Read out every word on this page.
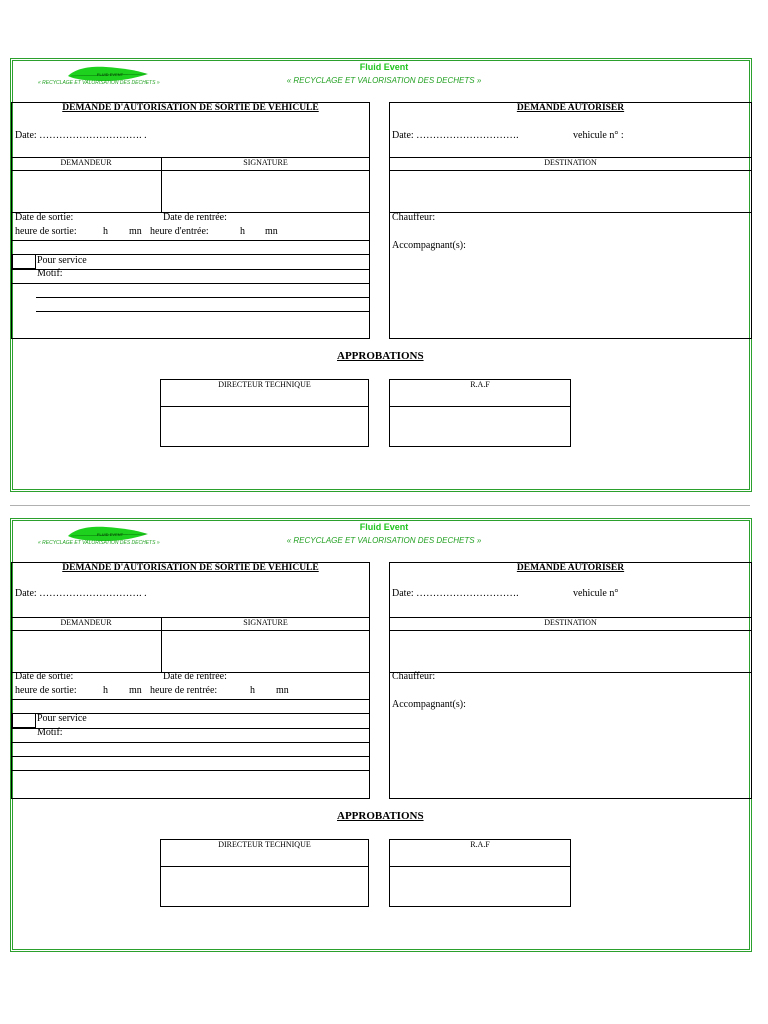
Fluid Event
« RECYCLAGE ET VALORISATION DES DECHETS »
FLUID EVENT
« RECYCLAGE ET VALORISATION DES DECHETS »
DEMANDE D'AUTORISATION DE SORTIE DE VEHICULE
Date: …………………………. .
DEMANDEUR	SIGNATURE
Date de sortie:	Date de rentrée:
heure de sortie:	h mn heure d'entrée:	h mn
Pour service
Motif:
DEMANDE AUTORISER
Date: ………………………….	vehicule n° :
DESTINATION
Chauffeur:
Accompagnant(s):
APPROBATIONS
DIRECTEUR TECHNIQUE	R.A.F
Fluid Event
« RECYCLAGE ET VALORISATION DES DECHETS »
FLUID EVENT
« RECYCLAGE ET VALORISATION DES DECHETS »
DEMANDE D'AUTORISATION DE SORTIE DE VEHICULE
Date: …………………………. .
DEMANDEUR	SIGNATURE
Date de sortie:	Date de rentrée:
heure de sortie:	h mn heure de rentrée:	h mn
Pour service
Motif:
DEMANDE AUTORISER
Date: ………………………….	vehicule n°
DESTINATION
Chauffeur:
Accompagnant(s):
APPROBATIONS
DIRECTEUR TECHNIQUE	R.A.F
